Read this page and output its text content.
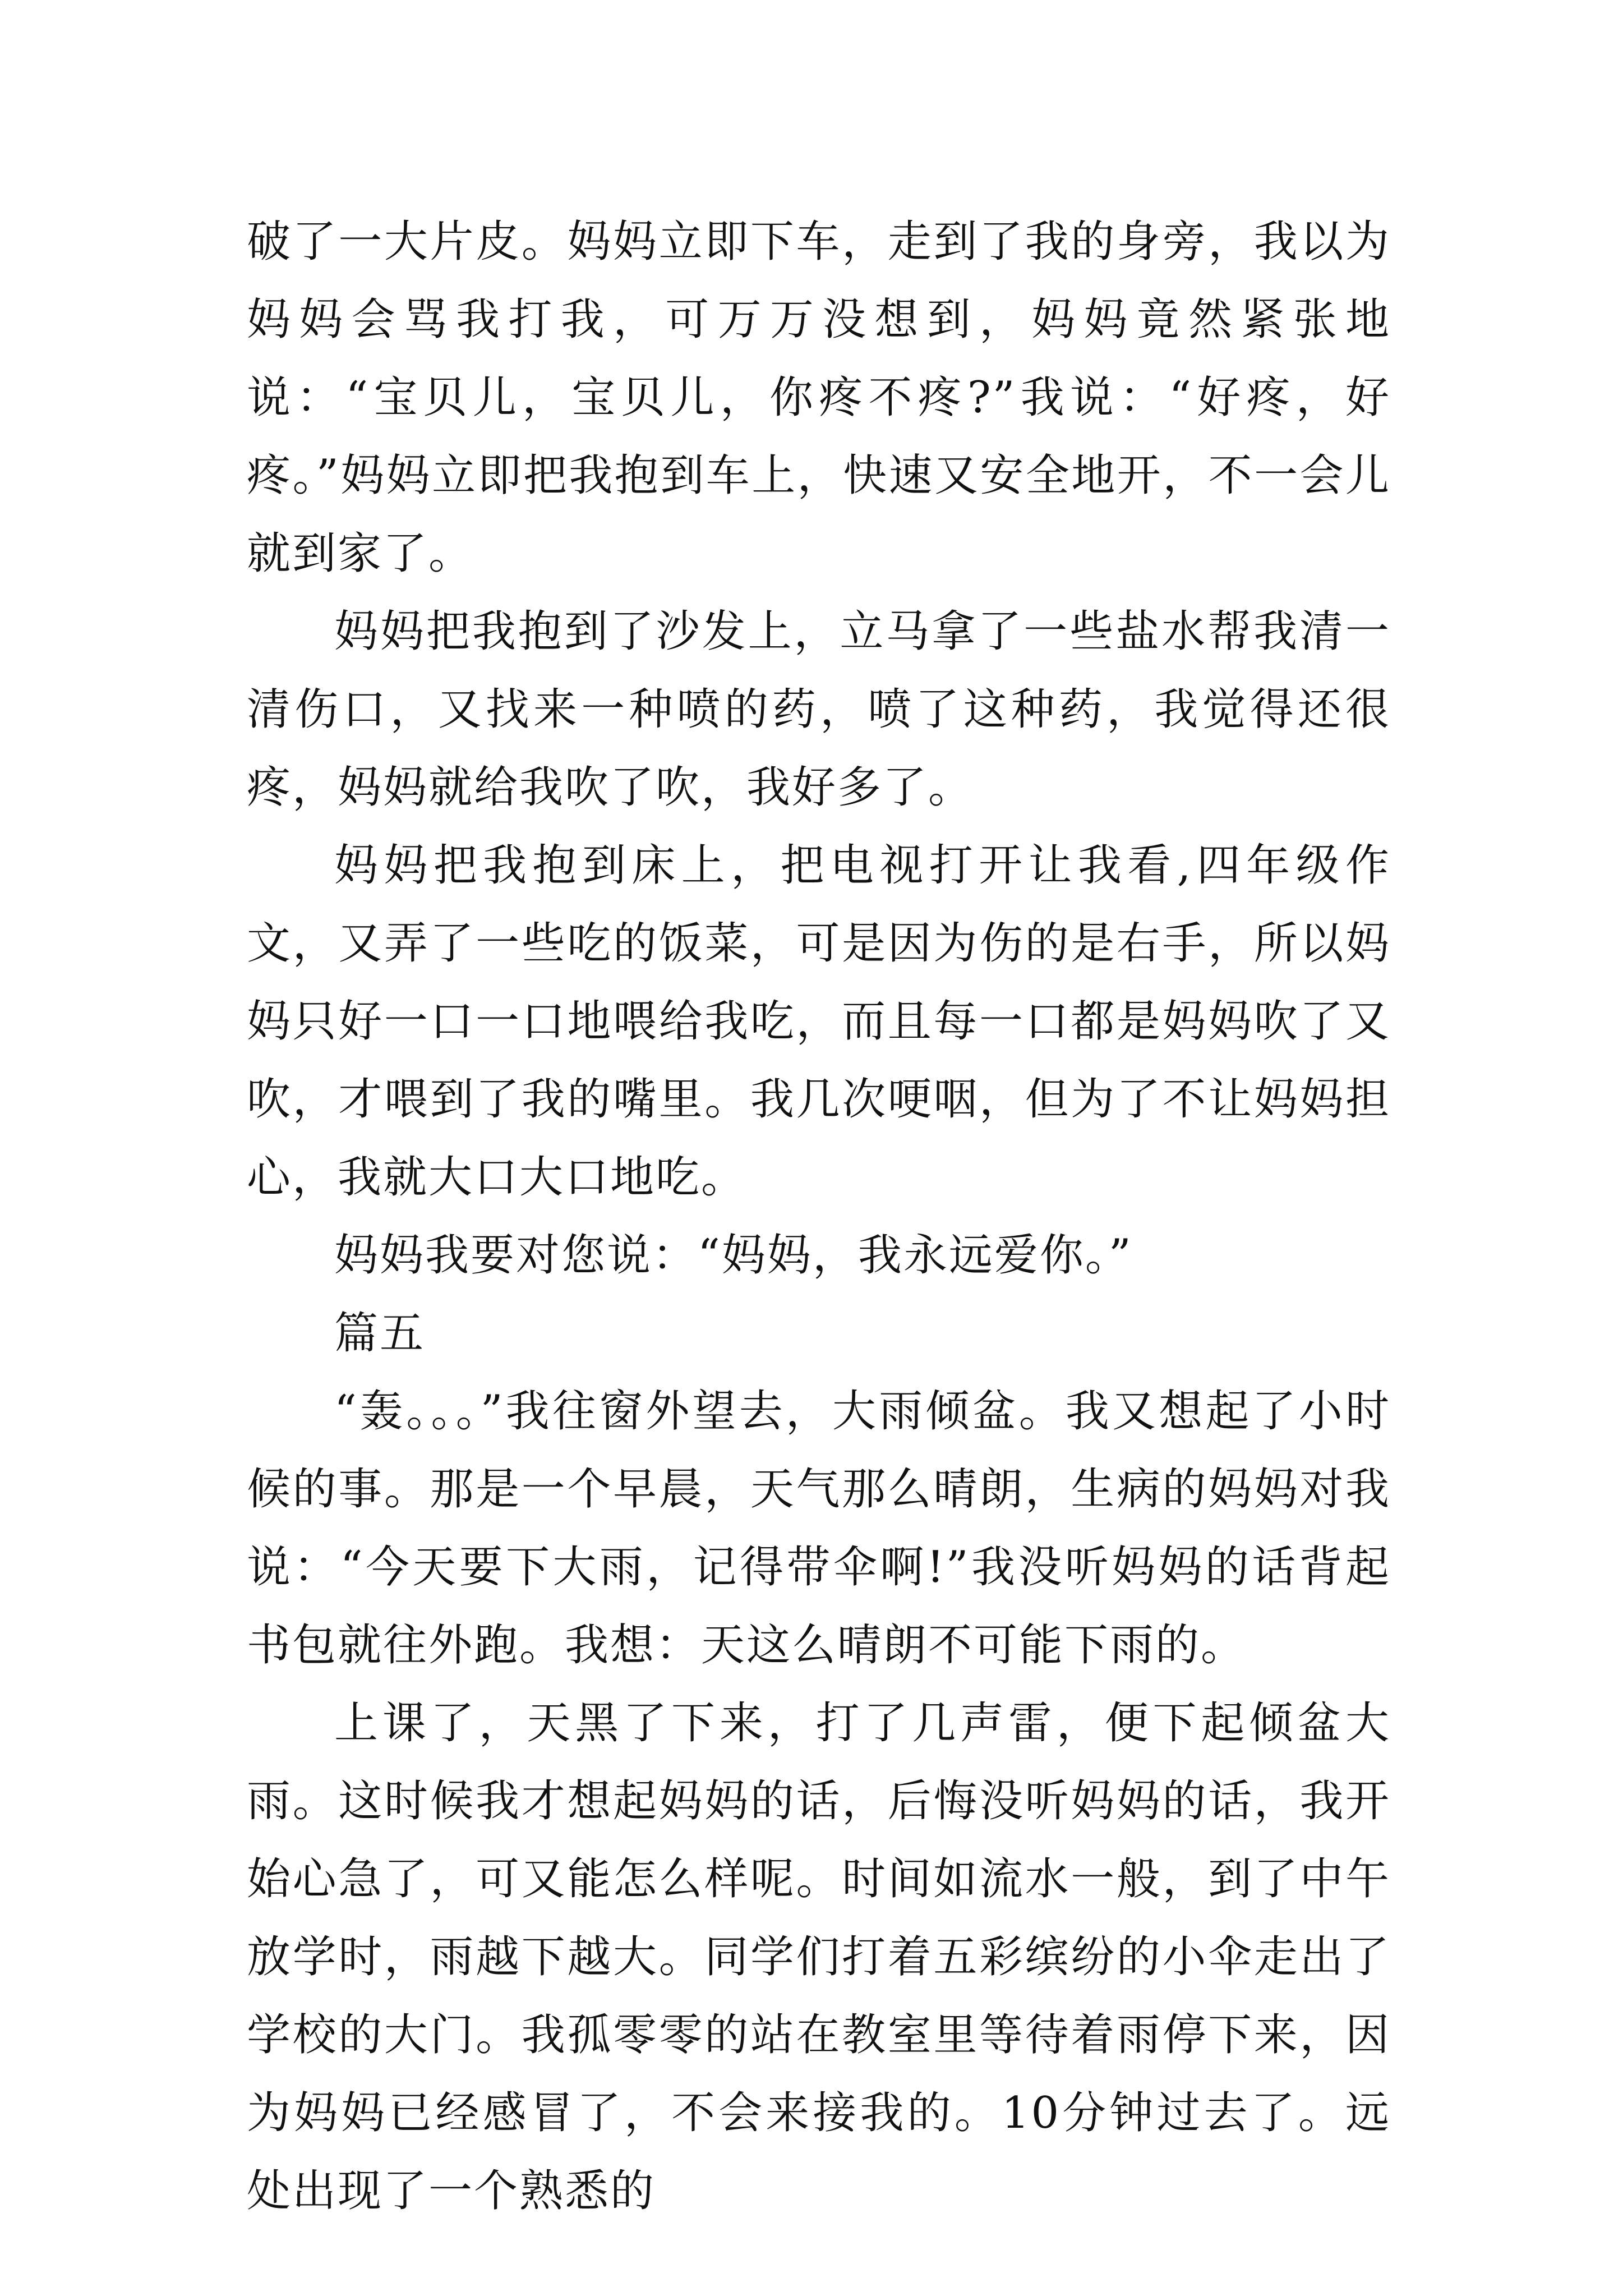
破了一大片皮。妈妈立即下车，走到了我的身旁，我以为妈妈会骂我打我，可万万没想到，妈妈竟然紧张地说：“宝贝儿，宝贝儿，你疼不疼?”我说：“好疼，好疼。”妈妈立即把我抱到车上，快速又安全地开，不一会儿就到家了。

妈妈把我抱到了沙发上，立马拿了一些盐水帮我清一清伤口，又找来一种喷的药，喷了这种药，我觉得还很疼，妈妈就给我吹了吹，我好多了。

妈妈把我抱到床上，把电视打开让我看,四年级作文，又弄了一些吃的饭菜，可是因为伤的是右手，所以妈妈只好一口一口地喂给我吃，而且每一口都是妈妈吹了又吹，才喂到了我的嘴里。我几次哽咽，但为了不让妈妈担心，我就大口大口地吃。

妈妈我要对您说：“妈妈，我永远爱你。”

篇五

“轰。。。”我往窗外望去，大雨倾盆。我又想起了小时候的事。那是一个早晨，天气那么晴朗，生病的妈妈对我说：“今天要下大雨，记得带伞啊!”我没听妈妈的话背起书包就往外跑。我想：天这么晴朗不可能下雨的。

上课了，天黑了下来，打了几声雷，便下起倾盆大雨。这时候我才想起妈妈的话，后悔没听妈妈的话，我开始心急了，可又能怎么样呢。时间如流水一般，到了中午放学时，雨越下越大。同学们打着五彩缤纷的小伞走出了学校的大门。我孤零零的站在教室里等待着雨停下来，因为妈妈已经感冒了，不会来接我的。10分钟过去了。远处出现了一个熟悉的
